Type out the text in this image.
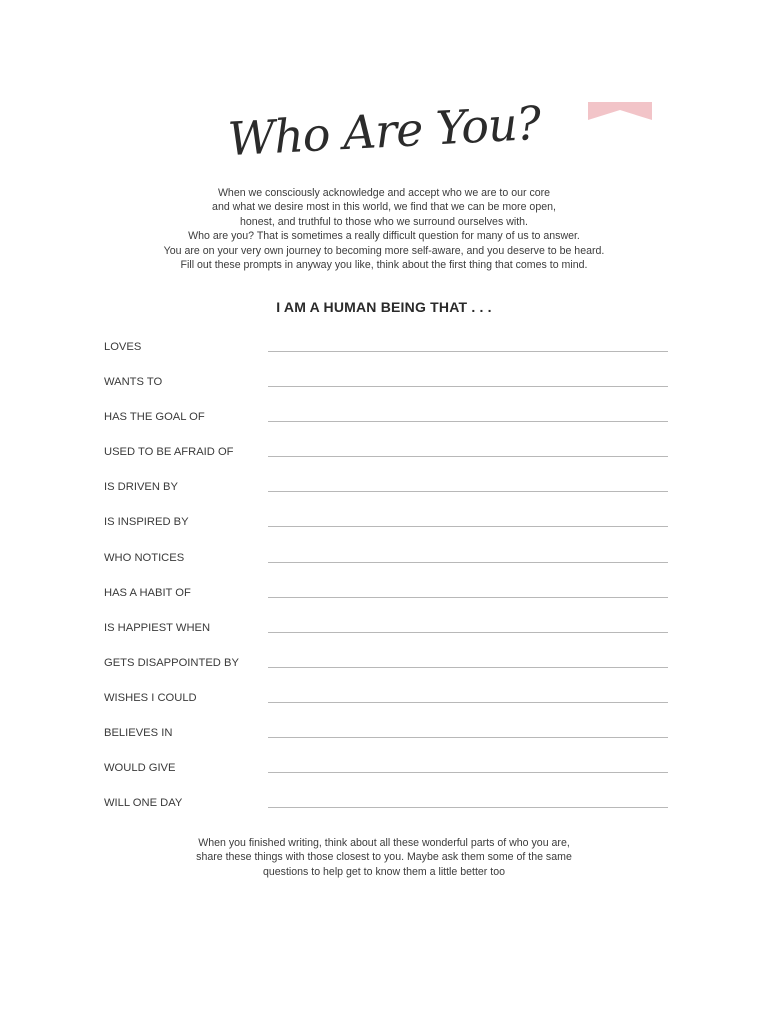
Who Are You?

When we consciously acknowledge and accept who we are to our core

and what we desire most in this world, we find that we can be more open,

honest, and truthful to those who we surround ourselves with.

Who are you? That is sometimes a really difficult question for many of us to answer.

You are on your very own journey to becoming more self-aware, and you deserve to be heard.

Fill out these prompts in anyway you like, think about the first thing that comes to mind.

I AM A HUMAN BEING THAT . . .
LOVES
WANTS TO
HAS THE GOAL OF
USED TO BE AFRAID OF
IS DRIVEN BY
IS INSPIRED BY
WHO NOTICES
HAS A HABIT OF
IS HAPPIEST WHEN
GETS DISAPPOINTED BY
WISHES I COULD
BELIEVES IN
WOULD GIVE
WILL ONE DAY

When you finished writing, think about all these wonderful parts of who you are,

share these things with those closest to you. Maybe ask them some of the same

questions to help get to know them a little better too
